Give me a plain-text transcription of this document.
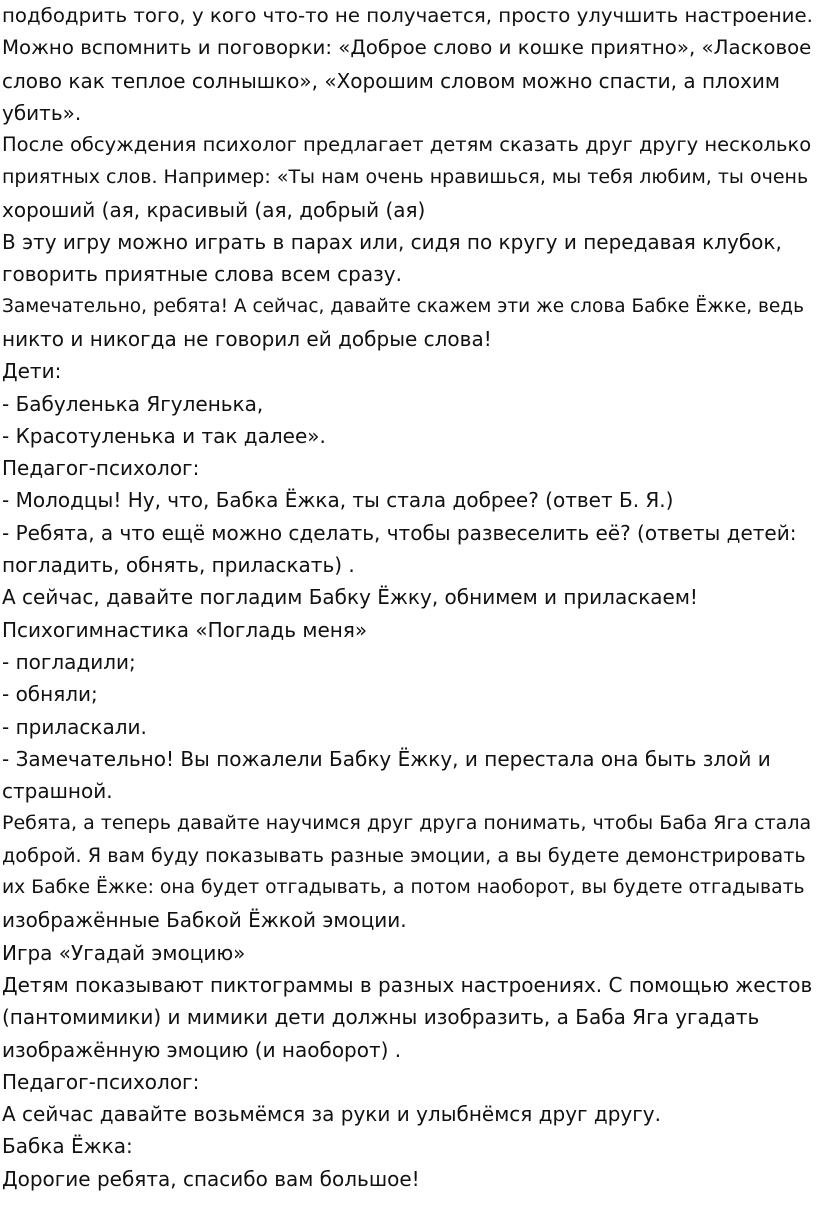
подбодрить того, у кого что-то не получается, просто улучшить настроение.
Можно вспомнить и поговорки: «Доброе слово и кошке приятно», «Ласковое
слово как теплое солнышко», «Хорошим словом можно спасти, а плохим
убить».
После обсуждения психолог предлагает детям сказать друг другу несколько
приятных слов. Например: «Ты нам очень нравишься, мы тебя любим, ты очень
хороший (ая, красивый (ая, добрый (ая)
В эту игру можно играть в парах или, сидя по кругу и передавая клубок,
говорить приятные слова всем сразу.
Замечательно, ребята! А сейчас, давайте скажем эти же слова Бабке Ёжке, ведь
никто и никогда не говорил ей добрые слова!
Дети:
- Бабуленька Ягуленька,
- Красотуленька и так далее».
Педагог-психолог:
- Молодцы! Ну, что, Бабка Ёжка, ты стала добрее? (ответ Б. Я.)
- Ребята, а что ещё можно сделать, чтобы развеселить её? (ответы детей:
погладить, обнять, приласкать) .
А сейчас, давайте погладим Бабку Ёжку, обнимем и приласкаем!
Психогимнастика «Погладь меня»
- погладили;
- обняли;
- приласкали.
- Замечательно! Вы пожалели Бабку Ёжку, и перестала она быть злой и
страшной.
Ребята, а теперь давайте научимся друг друга понимать, чтобы Баба Яга стала
доброй. Я вам буду показывать разные эмоции, а вы будете демонстрировать
их Бабке Ёжке: она будет отгадывать, а потом наоборот, вы будете отгадывать
изображённые Бабкой Ёжкой эмоции.
Игра «Угадай эмоцию»
Детям показывают пиктограммы в разных настроениях. С помощью жестов
(пантомимики) и мимики дети должны изобразить, а Баба Яга угадать
изображённую эмоцию (и наоборот) .
Педагог-психолог:
А сейчас давайте возьмёмся за руки и улыбнёмся друг другу.
Бабка Ёжка:
Дорогие ребята, спасибо вам большое!
